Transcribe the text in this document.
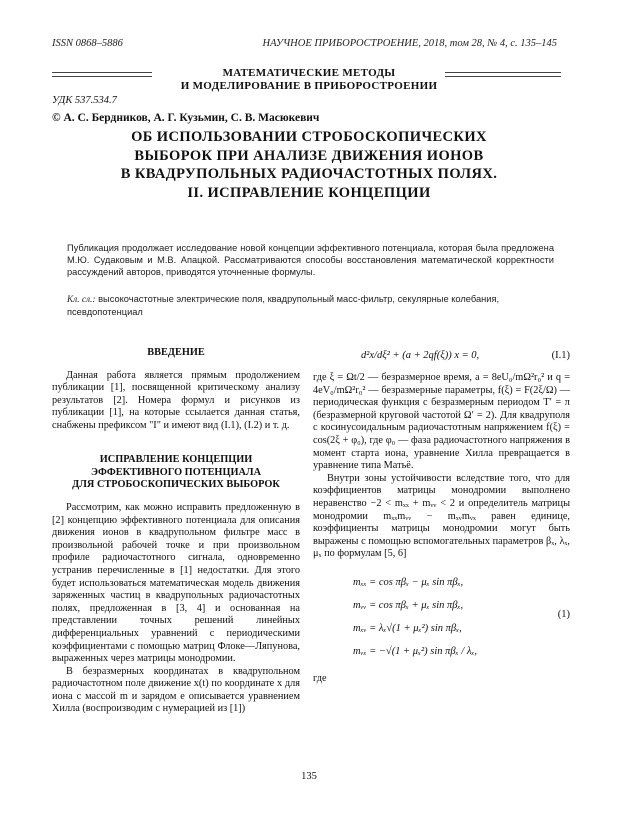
ISSN 0868–5886	НАУЧНОЕ ПРИБОРОСТРОЕНИЕ, 2018, том 28, № 4, с. 135–145
МАТЕМАТИЧЕСКИЕ МЕТОДЫ
И МОДЕЛИРОВАНИЕ В ПРИБОРОСТРОЕНИИ
УДК 537.534.7
© А. С. Бердников, А. Г. Кузьмин, С. В. Масюкевич
ОБ ИСПОЛЬЗОВАНИИ СТРОБОСКОПИЧЕСКИХ
ВЫБОРОК ПРИ АНАЛИЗЕ ДВИЖЕНИЯ ИОНОВ
В КВАДРУПОЛЬНЫХ РАДИОЧАСТОТНЫХ ПОЛЯХ.
II. ИСПРАВЛЕНИЕ КОНЦЕПЦИИ
Публикация продолжает исследование новой концепции эффективного потенциала, которая была предложена М.Ю. Судаковым и М.В. Апацкой. Рассматриваются способы восстановления математической корректности рассуждений авторов, приводятся уточненные формулы.
Кл. сл.: высокочастотные электрические поля, квадрупольный масс-фильтр, секулярные колебания, псевдопотенциал
ВВЕДЕНИЕ

Данная работа является прямым продолжением публикации [1], посвященной критическому анализу результатов [2]. Номера формул и рисунков из публикации [1], на которые ссылается данная статья, снабжены префиксом "I" и имеют вид (I.1), (I.2) и т. д.

ИСПРАВЛЕНИЕ КОНЦЕПЦИИ
ЭФФЕКТИВНОГО ПОТЕНЦИАЛА
ДЛЯ СТРОБОСКОПИЧЕСКИХ ВЫБОРОК

Рассмотрим, как можно исправить предложенную в [2] концепцию эффективного потенциала для описания движения ионов в квадрупольном фильтре масс в произвольной рабочей точке и при произвольном профиле радиочастотного сигнала, одновременно устранив перечисленные в [1] недостатки. Для этого будет использоваться математическая модель движения заряженных частиц в квадрупольных радиочастотных полях, предложенная в [3, 4] и основанная на представлении точных решений линейных дифференциальных уравнений с периодическими коэффициентами с помощью матриц Флоке—Ляпунова, выраженных через матрицы монодромии.

В безразмерных координатах в квадрупольном радиочастотном поле движение x(t) по координате x для иона с массой m и зарядом e описывается уравнением Хилла (воспроизводим с нумерацией из [1])

d²x/dξ² + (a + 2qf(ξ)) x = 0,	(I.1)
где ξ = Ωt/2 — безразмерное время, a = 8eU₀/mΩ²r₀² и q = 4eV₀/mΩ²r₀² — безразмерные параметры, f(ξ) = F(2ξ/Ω) — периодическая функция с безразмерным периодом T′ = π (безразмерной круговой частотой Ω′ = 2). Для квадруполя с косинусоидальным радиочастотным напряжением f(ξ) = cos(2ξ + φ₀), где φ₀ — фаза радиочастотного напряжения в момент старта иона, уравнение Хилла превращается в уравнение типа Матьё.

Внутри зоны устойчивости вследствие того, что для коэффициентов матрицы монодромии выполнено неравенство −2 < mₓₓ + mᵥᵥ < 2 и определитель матрицы монодромии mₓₓmᵥᵥ − mₓᵥmᵥₓ равен единице, коэффициенты матрицы монодромии могут быть выражены с помощью вспомогательных параметров βₓ, λₓ, μₓ по формулам [5, 6]

mₓₓ = cos πβₓ − μₓ sin πβₓ,
mᵥᵥ = cos πβₓ + μₓ sin πβₓ,
mₓᵥ = λₓ√(1 + μₓ²) sin πβₓ,
mᵥₓ = −√(1 + μₓ²) sin πβₓ / λₓ,
(1)
где
135
